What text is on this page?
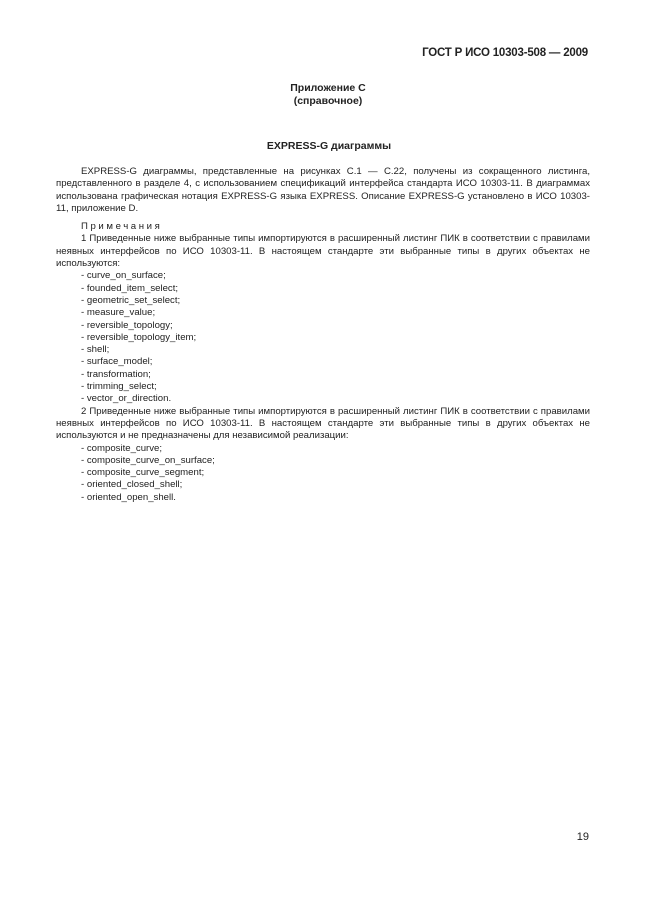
ГОСТ Р ИСО 10303-508 — 2009
Приложение С
(справочное)
EXPRESS-G диаграммы

EXPRESS-G диаграммы, представленные на рисунках С.1 — С.22, получены из сокращенного листинга, представленного в разделе 4, с использованием спецификаций интерфейса стандарта ИСО 10303-11. В диаграммах использована графическая нотация EXPRESS-G языка EXPRESS. Описание EXPRESS-G установлено в ИСО 10303-11, приложение D.

Примечания

1 Приведенные ниже выбранные типы импортируются в расширенный листинг ПИК в соответствии с правилами неявных интерфейсов по ИСО 10303-11. В настоящем стандарте эти выбранные типы в других объектах не используются:

- curve_on_surface;
- founded_item_select;
- geometric_set_select;
- measure_value;
- reversible_topology;
- reversible_topology_item;
- shell;
- surface_model;
- transformation;
- trimming_select;
- vector_or_direction.

2 Приведенные ниже выбранные типы импортируются в расширенный листинг ПИК в соответствии с правилами неявных интерфейсов по ИСО 10303-11. В настоящем стандарте эти выбранные типы в других объектах не используются и не предназначены для независимой реализации:

- composite_curve;
- composite_curve_on_surface;
- composite_curve_segment;
- oriented_closed_shell;
- oriented_open_shell.
19
